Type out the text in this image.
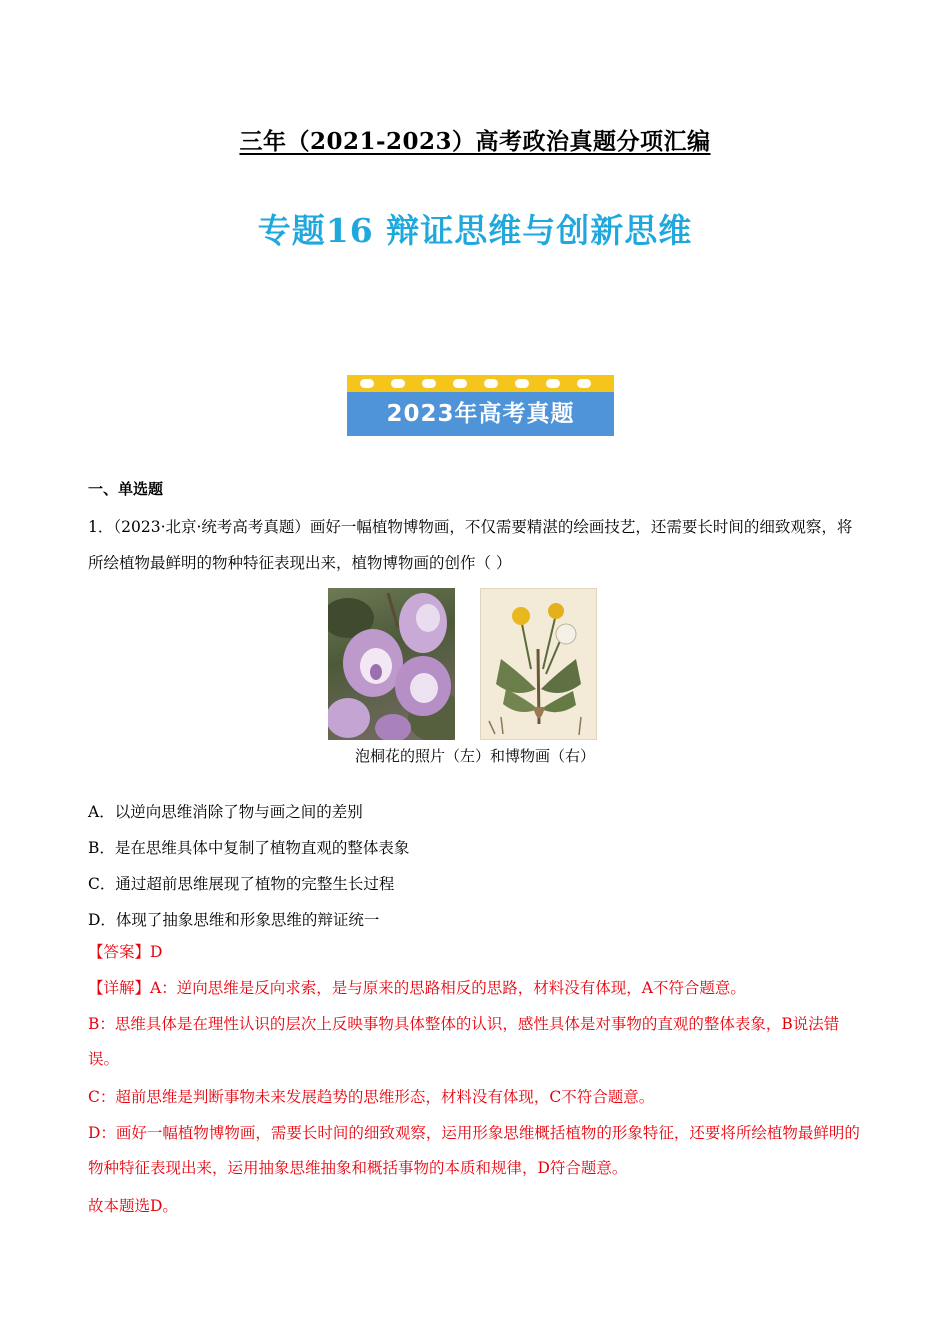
三年（2021-2023）高考政治真题分项汇编
专题16 辩证思维与创新思维
2023年高考真题
一、单选题
1．（2023·北京·统考高考真题）画好一幅植物博物画，不仅需要精湛的绘画技艺，还需要长时间的细致观察，将所绘植物最鲜明的物种特征表现出来，植物博物画的创作（ ）
泡桐花的照片（左）和博物画（右）
A．以逆向思维消除了物与画之间的差别
B．是在思维具体中复制了植物直观的整体表象
C．通过超前思维展现了植物的完整生长过程
D．体现了抽象思维和形象思维的辩证统一
【答案】D
【详解】A：逆向思维是反向求索，是与原来的思路相反的思路，材料没有体现，A不符合题意。
B：思维具体是在理性认识的层次上反映事物具体整体的认识，感性具体是对事物的直观的整体表象，B说法错误。
C：超前思维是判断事物未来发展趋势的思维形态，材料没有体现，C不符合题意。
D：画好一幅植物博物画，需要长时间的细致观察，运用形象思维概括植物的形象特征，还要将所绘植物最鲜明的物种特征表现出来，运用抽象思维抽象和概括事物的本质和规律，D符合题意。
故本题选D。
